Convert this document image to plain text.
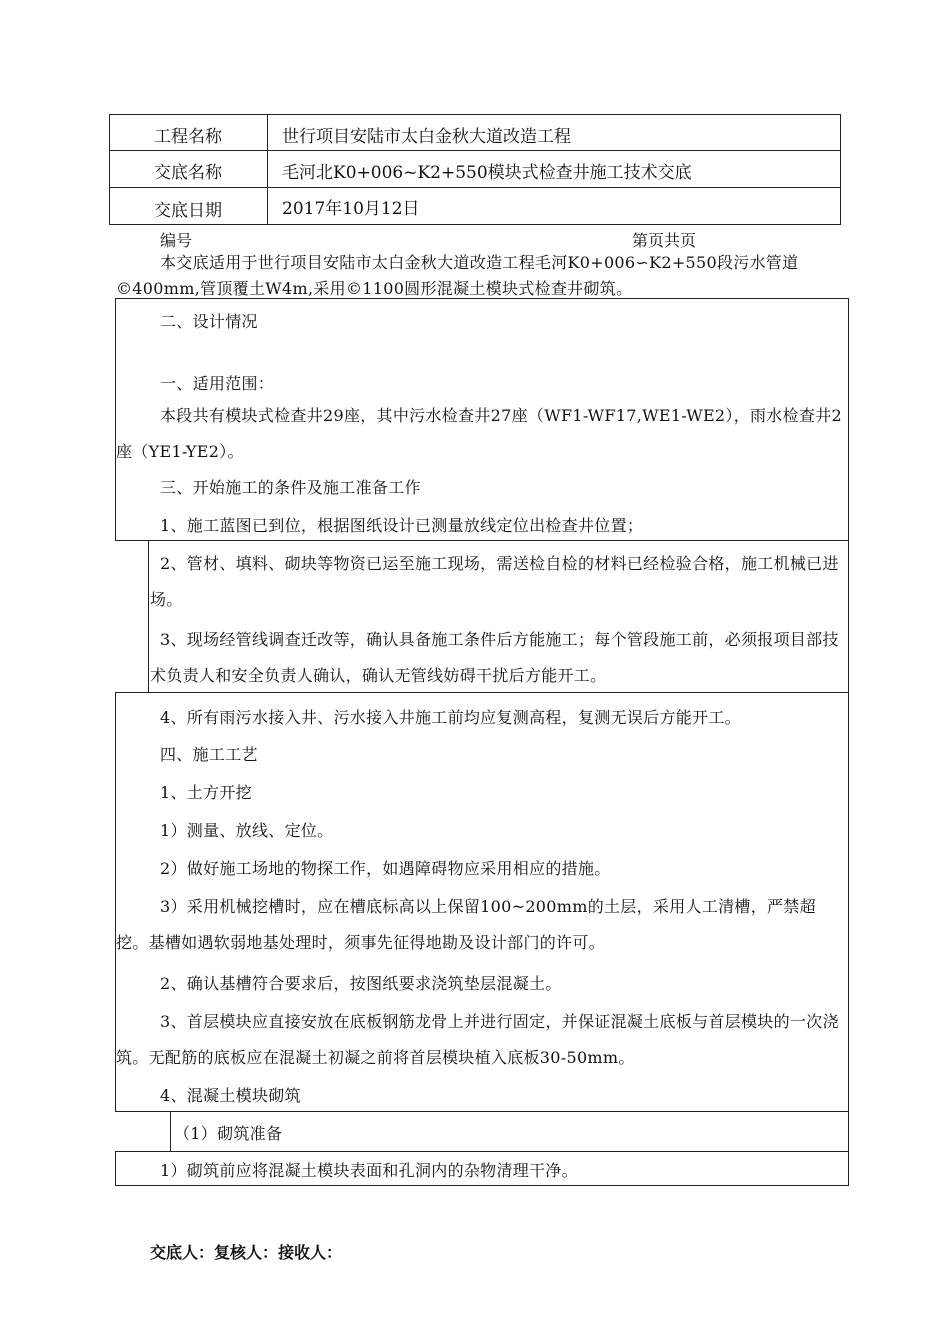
工程名称	世行项目安陆市太白金秋大道改造工程
交底名称	毛河北K0+006~K2+550模块式检查井施工技术交底
交底日期	2017年10月12日
编号	第页共页
本交底适用于世行项目安陆市太白金秋大道改造工程毛河K0+006∽K2+550段污水管道©400mm,管顶覆土W4m,采用©1100圆形混凝土模块式检查井砌筑。
二、设计情况
一、适用范围：
本段共有模块式检查井29座，其中污水检查井27座（WF1-WF17,WE1-WE2），雨水检查井2座（YE1-YE2）。
三、开始施工的条件及施工准备工作
1、施工蓝图已到位，根据图纸设计已测量放线定位出检查井位置；
2、管材、填料、砌块等物资已运至施工现场，需送检自检的材料已经检验合格，施工机械已进场。
3、现场经管线调查迁改等，确认具备施工条件后方能施工；每个管段施工前，必须报项目部技术负责人和安全负责人确认，确认无管线妨碍干扰后方能开工。
4、所有雨污水接入井、污水接入井施工前均应复测高程，复测无误后方能开工。
四、施工工艺
1、土方开挖
1）测量、放线、定位。
2）做好施工场地的物探工作，如遇障碍物应采用相应的措施。
3）采用机械挖槽时，应在槽底标高以上保留100~200mm的土层，采用人工清槽，严禁超挖。基槽如遇软弱地基处理时，须事先征得地勘及设计部门的许可。
2、确认基槽符合要求后，按图纸要求浇筑垫层混凝土。
3、首层模块应直接安放在底板钢筋龙骨上并进行固定，并保证混凝土底板与首层模块的一次浇筑。无配筋的底板应在混凝土初凝之前将首层模块植入底板30-50mm。
4、混凝土模块砌筑
（1）砌筑准备
1）砌筑前应将混凝土模块表面和孔洞内的杂物清理干净。
交底人：复核人：接收人：
